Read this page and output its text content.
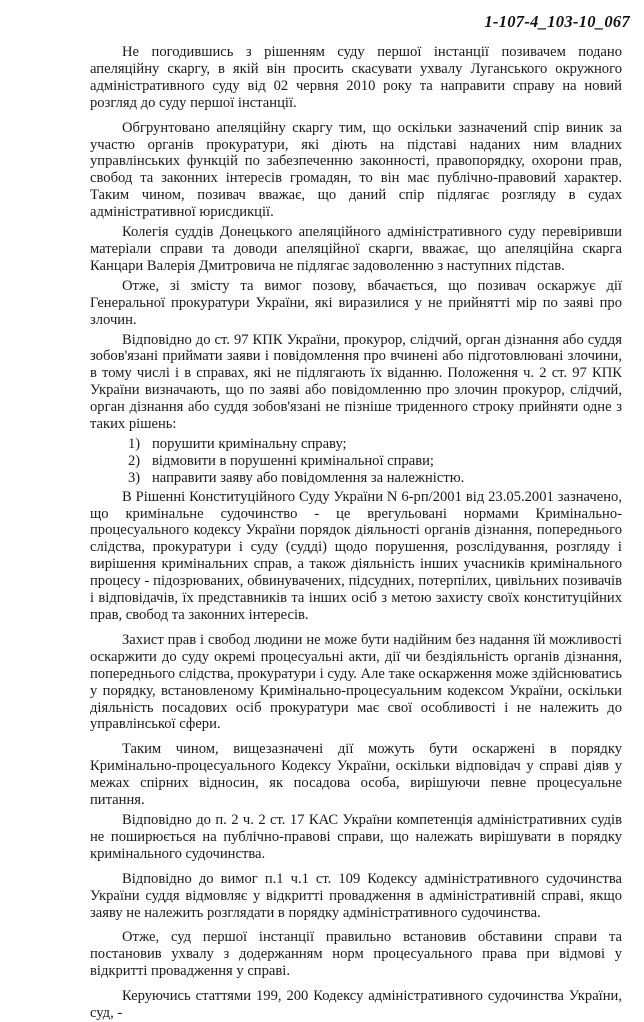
1-107-4_103-10_067

Не погодившись з рішенням суду першої інстанції позивачем подано апеляційну скаргу, в якій він просить скасувати ухвалу Луганського окружного адміністративного суду від 02 червня 2010 року та направити справу на новий розгляд до суду першої інстанції.

Обгрунтовано апеляційну скаргу тим, що оскільки зазначений спір виник за участю органів прокуратури, які діють на підставі наданих ним владних управлінських функцій по забезпеченню законності, правопорядку, охорони прав, свобод та законних інтересів громадян, то він має публічно-правовий характер. Таким чином, позивач вважає, що даний спір підлягає розгляду в судах адміністративної юрисдикції.

Колегія суддів Донецького апеляційного адміністративного суду перевіривши матеріали справи та доводи апеляційної скарги, вважає, що апеляційна скарга Канцари Валерія Дмитровича не підлягає задоволенню з наступних підстав.

Отже, зі змісту та вимог позову, вбачається, що позивач оскаржує дії Генеральної прокуратури України, які виразилися у не прийнятті мір по заяві про злочин.

Відповідно до ст. 97 КПК України, прокурор, слідчий, орган дізнання або суддя зобов'язані приймати заяви і повідомлення про вчинені або підготовлювані злочини, в тому числі і в справах, які не підлягають їх віданню. Положення ч. 2 ст. 97 КПК України визначають, що по заяві або повідомленню про злочин прокурор, слідчий, орган дізнання або суддя зобов'язані не пізніше триденного строку прийняти одне з таких рішень:

1) порушити кримінальну справу;
2) відмовити в порушенні кримінальної справи;
3) направити заяву або повідомлення за належністю.

В Рішенні Конституційного Суду України N 6-рп/2001 від 23.05.2001 зазначено, що кримінальне судочинство - це врегульовані нормами Кримінально-процесуального кодексу України порядок діяльності органів дізнання, попереднього слідства, прокуратури і суду (судді) щодо порушення, розслідування, розгляду і вирішення кримінальних справ, а також діяльність інших учасників кримінального процесу - підозрюваних, обвинувачених, підсудних, потерпілих, цивільних позивачів і відповідачів, їх представників та інших осіб з метою захисту своїх конституційних прав, свобод та законних інтересів.

Захист прав і свобод людини не може бути надійним без надання їй можливості оскаржити до суду окремі процесуальні акти, дії чи бездіяльність органів дізнання, попереднього слідства, прокуратури і суду. Але таке оскарження може здійснюватись у порядку, встановленому Кримінально-процесуальним кодексом України, оскільки діяльність посадових осіб прокуратури має свої особливості і не належить до управлінської сфери.

Таким чином, вищезазначені дії можуть бути оскаржені в порядку Кримінально-процесуального Кодексу України, оскільки відповідач у справі діяв у межах спірних відносин, як посадова особа, вирішуючи певне процесуальне питання.

Відповідно до п. 2 ч. 2 ст. 17 КАС України компетенція адміністративних судів не поширюється на публічно-правові справи, що належать вирішувати в порядку кримінального судочинства.

Відповідно до вимог п.1 ч.1 ст. 109 Кодексу адміністративного судочинства України суддя відмовляє у відкритті провадження в адміністративній справі, якщо заяву не належить розглядати в порядку адміністративного судочинства.

Отже, суд першої інстанції правильно встановив обставини справи та постановив ухвалу з додержанням норм процесуального права при відмові у відкритті провадження у справі.

Керуючись статтями 199, 200 Кодексу адміністративного судочинства України, суд, -
